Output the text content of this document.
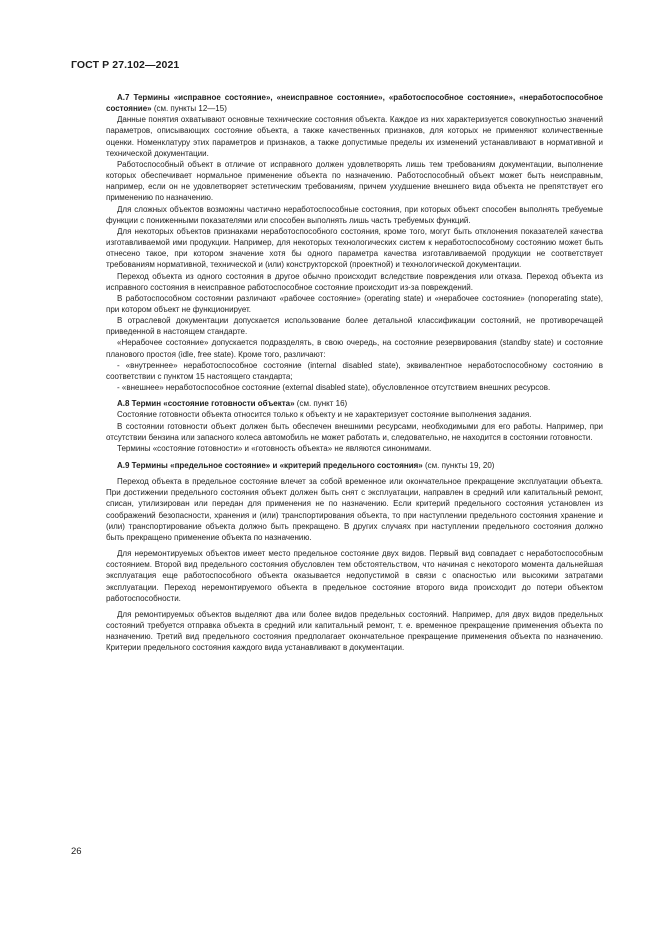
ГОСТ Р 27.102—2021

А.7 Термины «исправное состояние», «неисправное состояние», «работоспособное состояние», «неработоспособное состояние» (см. пункты 12—15)

Данные понятия охватывают основные технические состояния объекта. Каждое из них характеризуется совокупностью значений параметров, описывающих состояние объекта, а также качественных признаков, для которых не применяют количественные оценки. Номенклатуру этих параметров и признаков, а также допустимые пределы их изменений устанавливают в нормативной и технической документации.

Работоспособный объект в отличие от исправного должен удовлетворять лишь тем требованиям документации, выполнение которых обеспечивает нормальное применение объекта по назначению. Работоспособный объект может быть неисправным, например, если он не удовлетворяет эстетическим требованиям, причем ухудшение внешнего вида объекта не препятствует его применению по назначению.

Для сложных объектов возможны частично неработоспособные состояния, при которых объект способен выполнять требуемые функции с пониженными показателями или способен выполнять лишь часть требуемых функций.

Для некоторых объектов признаками неработоспособного состояния, кроме того, могут быть отклонения показателей качества изготавливаемой ими продукции. Например, для некоторых технологических систем к неработоспособному состоянию может быть отнесено такое, при котором значение хотя бы одного параметра качества изготавливаемой продукции не соответствует требованиям нормативной, технической и (или) конструкторской (проектной) и технологической документации.

Переход объекта из одного состояния в другое обычно происходит вследствие повреждения или отказа. Переход объекта из исправного состояния в неисправное работоспособное состояние происходит из-за повреждений.

В работоспособном состоянии различают «рабочее состояние» (operating state) и «нерабочее состояние» (nonoperating state), при котором объект не функционирует.

В отраслевой документации допускается использование более детальной классификации состояний, не противоречащей приведенной в настоящем стандарте.

«Нерабочее состояние» допускается подразделять, в свою очередь, на состояние резервирования (standby state) и состояние планового простоя (idle, free state). Кроме того, различают:

- «внутреннее» неработоспособное состояние (internal disabled state), эквивалентное неработоспособному состоянию в соответствии с пунктом 15 настоящего стандарта;

- «внешнее» неработоспособное состояние (external disabled state), обусловленное отсутствием внешних ресурсов.

А.8 Термин «состояние готовности объекта» (см. пункт 16)

Состояние готовности объекта относится только к объекту и не характеризует состояние выполнения задания.

В состоянии готовности объект должен быть обеспечен внешними ресурсами, необходимыми для его работы. Например, при отсутствии бензина или запасного колеса автомобиль не может работать и, следовательно, не находится в состоянии готовности.

Термины «состояние готовности» и «готовность объекта» не являются синонимами.

А.9 Термины «предельное состояние» и «критерий предельного состояния» (см. пункты 19, 20)

Переход объекта в предельное состояние влечет за собой временное или окончательное прекращение эксплуатации объекта. При достижении предельного состояния объект должен быть снят с эксплуатации, направлен в средний или капитальный ремонт, списан, утилизирован или передан для применения не по назначению. Если критерий предельного состояния установлен из соображений безопасности, хранения и (или) транспортирования объекта, то при наступлении предельного состояния хранение и (или) транспортирование объекта должно быть прекращено. В других случаях при наступлении предельного состояния должно быть прекращено применение объекта по назначению.

Для неремонтируемых объектов имеет место предельное состояние двух видов. Первый вид совпадает с неработоспособным состоянием. Второй вид предельного состояния обусловлен тем обстоятельством, что начиная с некоторого момента дальнейшая эксплуатация еще работоспособного объекта оказывается недопустимой в связи с опасностью или высокими затратами эксплуатации. Переход неремонтируемого объекта в предельное состояние второго вида происходит до потери объектом работоспособности.

Для ремонтируемых объектов выделяют два или более видов предельных состояний. Например, для двух видов предельных состояний требуется отправка объекта в средний или капитальный ремонт, т. е. временное прекращение применения объекта по назначению. Третий вид предельного состояния предполагает окончательное прекращение применения объекта по назначению. Критерии предельного состояния каждого вида устанавливают в документации.

26
